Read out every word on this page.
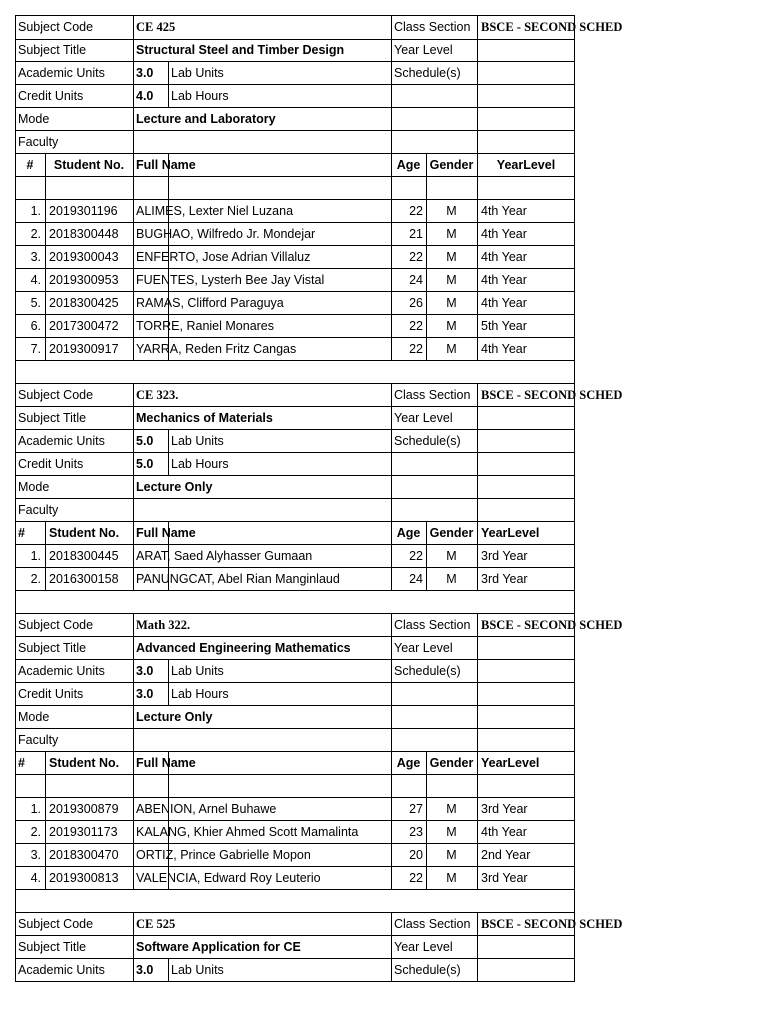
Subject Code	CE 425	Class Section BSCE - SECOND SCHED
Subject Title	Structural Steel and Timber Design	Year Level
Academic Units 3.0 Lab Units	Schedule(s)
Credit Units	4.0 Lab Hours
Mode	Lecture and Laboratory
Faculty
#	Student No. Full Name	Age Gender	YearLevel
1. 2019301196 ALIMES, Lexter Niel Luzana	22	M	4th Year
2. 2018300448 BUGHAO, Wilfredo Jr. Mondejar	21	M	4th Year
3. 2019300043 ENFERTO, Jose Adrian Villaluz	22	M	4th Year
4. 2019300953 FUENTES, Lysterh Bee Jay Vistal	24	M	4th Year
5. 2018300425 RAMAS, Clifford Paraguya	26	M	4th Year
6. 2017300472 TORRE, Raniel Monares	22	M	5th Year
7. 2019300917 YARRA, Reden Fritz Cangas	22	M	4th Year
Subject Code	CE 323.	Class Section BSCE - SECOND SCHED
Subject Title	Mechanics of Materials	Year Level
Academic Units 5.0 Lab Units	Schedule(s)
Credit Units	5.0 Lab Hours
Mode	Lecture Only
Faculty
# Student No. Full Name	Age Gender YearLevel
1. 2018300445 ARAT, Saed Alyhasser Gumaan	22	M	3rd Year
2. 2016300158 PANUNGCAT, Abel Rian Manginlaud	24	M	3rd Year
Subject Code	Math 322.	Class Section BSCE - SECOND SCHED
Subject Title	Advanced Engineering Mathematics	Year Level
Academic Units 3.0 Lab Units	Schedule(s)
Credit Units	3.0 Lab Hours
Mode	Lecture Only
Faculty
# Student No. Full Name	Age Gender YearLevel
1. 2019300879 ABENION, Arnel Buhawe	27	M	3rd Year
2. 2019301173 KALANG, Khier Ahmed Scott Mamalinta	23	M	4th Year
3. 2018300470 ORTIZ, Prince Gabrielle Mopon	20	M	2nd Year
4. 2019300813 VALENCIA, Edward Roy Leuterio	22	M	3rd Year
Subject Code	CE 525	Class Section BSCE - SECOND SCHED
Subject Title	Software Application for CE	Year Level
Academic Units 3.0 Lab Units	Schedule(s)
